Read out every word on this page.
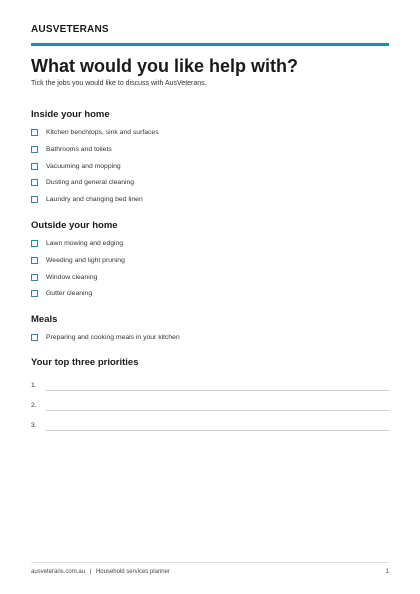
AUSVETERANS
What would you like help with?
Tick the jobs you would like to discuss with AusVeterans.
Inside your home
Kitchen benchtops, sink and surfaces
Bathrooms and toilets
Vacuuming and mopping
Dusting and general cleaning
Laundry and changing bed linen
Outside your home
Lawn mowing and edging
Weeding and light pruning
Window cleaning
Gutter cleaning
Meals
Preparing and cooking meals in your kitchen
Your top three priorities
1.
2.
3.
ausveterans.com.au | Household services planner	1
